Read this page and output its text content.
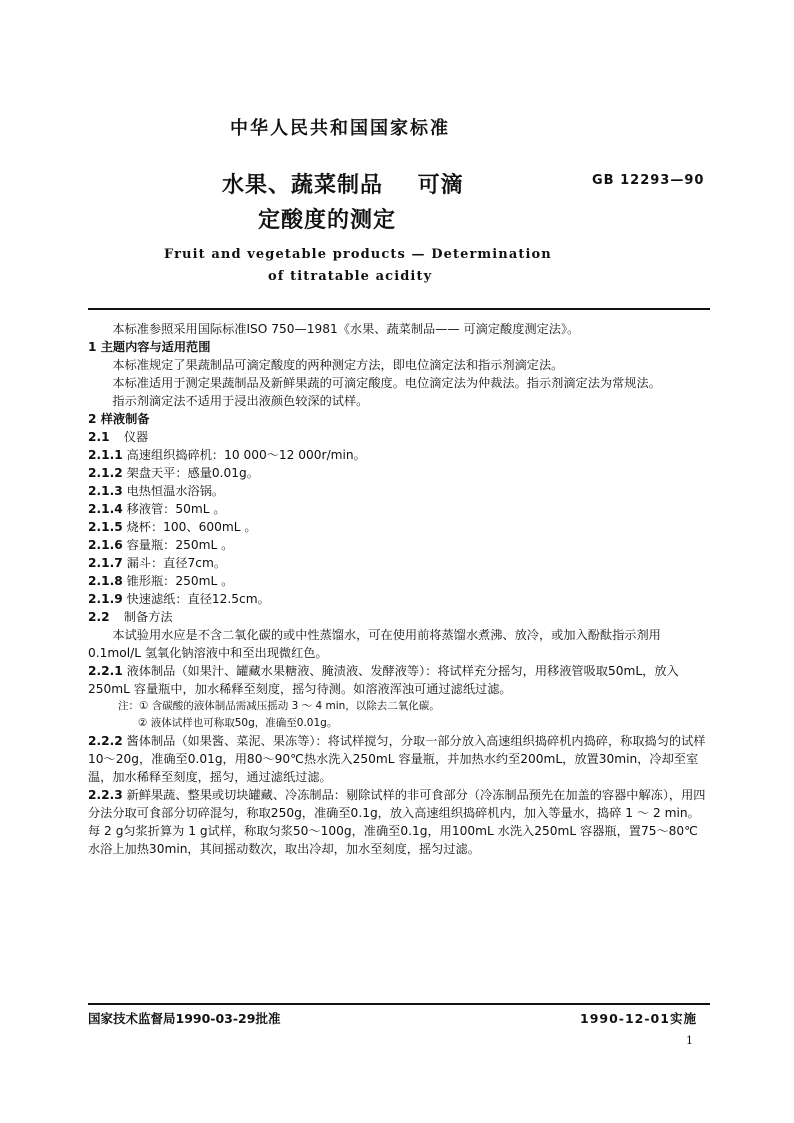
中华人民共和国国家标准
水果、蔬菜制品    可滴
定酸度的测定
GB 12293—90
Fruit and vegetable products — Determination
of titratable acidity

本标准参照采用国际标准ISO 750—1981《水果、蔬菜制品—— 可滴定酸度测定法》。

1 主题内容与适用范围

本标准规定了果蔬制品可滴定酸度的两种测定方法，即电位滴定法和指示剂滴定法。

本标准适用于测定果蔬制品及新鲜果蔬的可滴定酸度。电位滴定法为仲裁法。指示剂滴定法为常规法。

指示剂滴定法不适用于浸出液颜色较深的试样。

2 样液制备

2.1 仪器

2.1.1 高速组织捣碎机：10 000～12 000r/min。

2.1.2 架盘天平：感量0.01g。

2.1.3 电热恒温水浴锅。

2.1.4 移液管：50mL 。

2.1.5 烧杯：100、600mL 。

2.1.6 容量瓶：250mL 。

2.1.7 漏斗：直径7cm。

2.1.8 锥形瓶：250mL 。

2.1.9 快速滤纸：直径12.5cm。

2.2 制备方法

本试验用水应是不含二氧化碳的或中性蒸馏水，可在使用前将蒸馏水煮沸、放冷，或加入酚酞指示剂用0.1mol/L 氢氧化钠溶液中和至出现微红色。

2.2.1 液体制品（如果汁、罐藏水果糖液、腌渍液、发酵液等）：将试样充分摇匀，用移液管吸取50mL，放入250mL 容量瓶中，加水稀释至刻度，摇匀待测。如溶液浑浊可通过滤纸过滤。

注：① 含碳酸的液体制品需减压摇动 3 ～ 4 min，以除去二氧化碳。

② 液体试样也可称取50g，准确至0.01g。

2.2.2 酱体制品（如果酱、菜泥、果冻等）：将试样搅匀，分取一部分放入高速组织捣碎机内捣碎，称取捣匀的试样 10～20g，准确至0.01g，用80～90℃热水洗入250mL 容量瓶，并加热水约至200mL，放置30min，冷却至室温，加水稀释至刻度，摇匀，通过滤纸过滤。

2.2.3 新鲜果蔬、整果或切块罐藏、冷冻制品：剔除试样的非可食部分（冷冻制品预先在加盖的容器中解冻），用四分法分取可食部分切碎混匀，称取250g，准确至0.1g，放入高速组织捣碎机内，加入等量水，捣碎 1 ～ 2 min。每 2 g匀浆折算为 1 g试样，称取匀浆50～100g，准确至0.1g，用100mL 水洗入250mL 容器瓶，置75～80℃水浴上加热30min，其间摇动数次，取出冷却，加水至刻度，摇匀过滤。

国家技术监督局1990-03-29批准	1990-12-01实施
1
